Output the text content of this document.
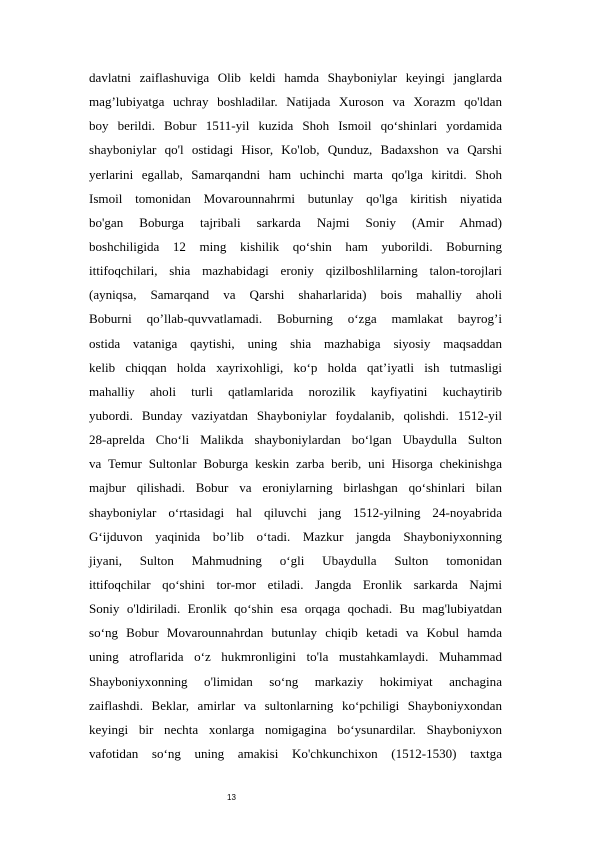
davlatni zaiflashuviga Olib keldi hamda Shayboniylar keyingi janglarda
mag’lubiyatga uchray boshladilar. Natijada Xuroson va Xorazm qo'ldan
boy berildi. Bobur 1511-yil kuzida Shoh Ismoil qo‘shinlari yordamida
shayboniylar qo'l ostidagi Hisor, Ko'lob, Qunduz, Badaxshon va Qarshi
yerlarini egallab, Samarqandni ham uchinchi marta qo'lga kiritdi. Shoh
Ismoil tomonidan Movarounnahrmi butunlay qo'lga kiritish niyatida
bo'gan Boburga tajribali sarkarda Najmi Soniy (Amir Ahmad)
boshchiligida 12 ming kishilik qo‘shin ham yuborildi. Boburning
ittifoqchilari, shia mazhabidagi eroniy qizilboshlilarning talon-torojlari
(ayniqsa, Samarqand va Qarshi shaharlarida) bois mahalliy aholi
Boburni qo’llab-quvvatlamadi. Boburning o‘zga mamlakat bayrog’i
ostida vataniga qaytishi, uning shia mazhabiga siyosiy maqsaddan
kelib chiqqan holda xayrixohligi, ko‘p holda qat’iyatli ish tutmasligi
mahalliy aholi turli qatlamlarida norozilik kayfiyatini kuchaytirib
yubordi. Bunday vaziyatdan Shayboniylar foydalanib, qolishdi. 1512-yil
28-aprelda Cho‘li Malikda shayboniylardan bo‘lgan Ubaydulla Sulton
va Temur Sultonlar Boburga keskin zarba berib, uni Hisorga chekinishga
majbur qilishadi. Bobur va eroniylarning birlashgan qo‘shinlari bilan
shayboniylar o‘rtasidagi hal qiluvchi jang 1512-yilning 24-noyabrida
G‘ijduvon yaqinida bo’lib o‘tadi. Mazkur jangda Shayboniyxonning
jiyani, Sulton Mahmudning o‘gli Ubaydulla Sulton tomonidan
ittifoqchilar qo‘shini tor-mor etiladi. Jangda Eronlik sarkarda Najmi
Soniy o'ldiriladi. Eronlik qo‘shin esa orqaga qochadi. Bu mag'lubiyatdan
so‘ng Bobur Movarounnahrdan butunlay chiqib ketadi va Kobul hamda
uning atroflarida o‘z hukmronligini to'la mustahkamlaydi. Muhammad
Shayboniyxonning o'limidan so‘ng markaziy hokimiyat anchagina
zaiflashdi. Beklar, amirlar va sultonlarning ko‘pchiligi Shayboniyxondan
keyingi bir nechta xonlarga nomigagina bo‘ysunardilar. Shayboniyxon
vafotidan so‘ng uning amakisi Ko'chkunchixon (1512-1530) taxtga
13
